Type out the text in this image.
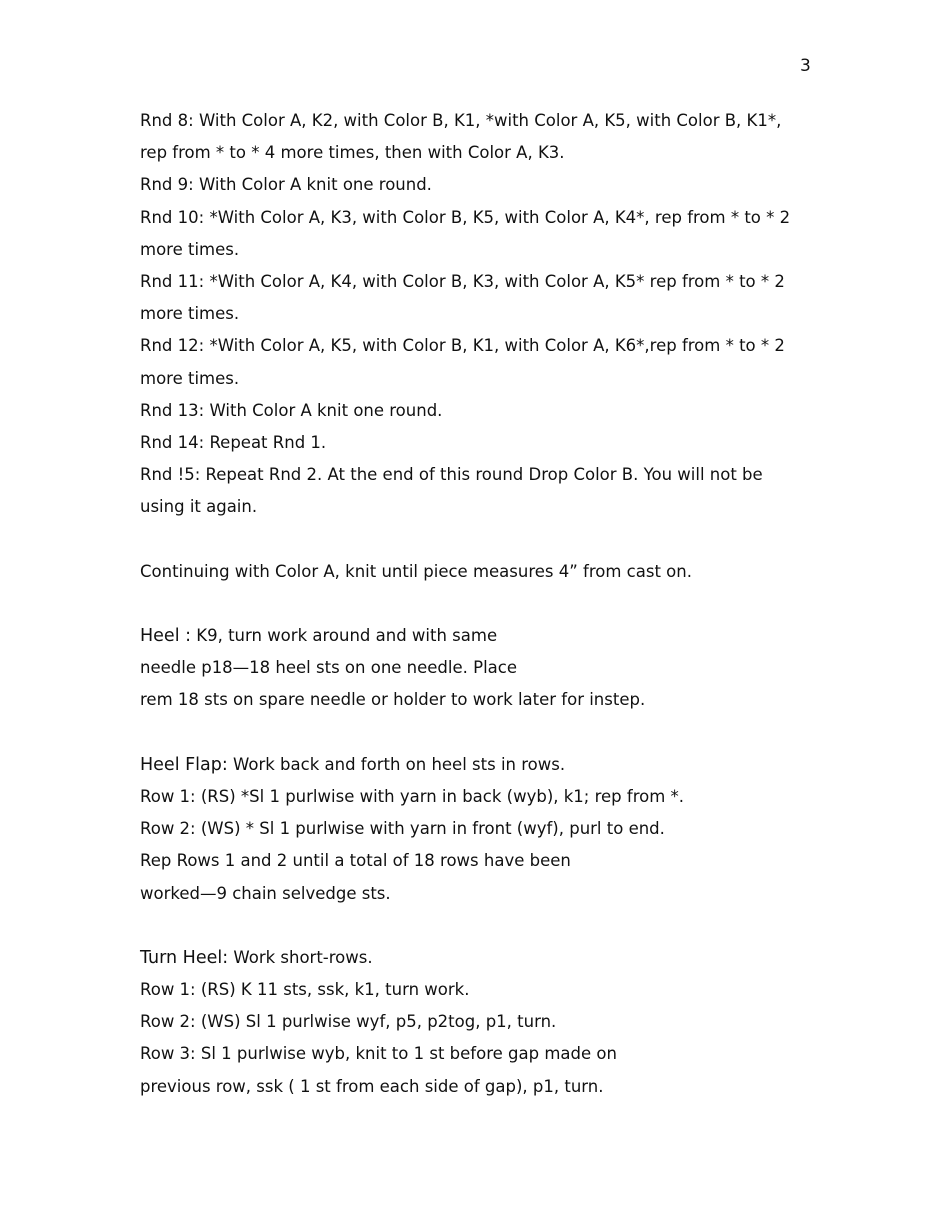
3
Rnd 8: With Color A, K2, with Color B, K1, *with Color A, K5, with Color B, K1*,
rep from * to * 4 more times, then with Color A, K3.
Rnd 9: With Color A knit one round.
Rnd 10: *With Color A, K3, with Color B, K5, with Color A, K4*, rep from * to * 2
more times.
Rnd 11: *With Color A, K4, with Color B, K3, with Color A, K5* rep from * to * 2
more times.
Rnd 12: *With Color A, K5, with Color B, K1, with Color A, K6*,rep from * to * 2
more times.
Rnd 13: With Color A knit one round.
Rnd 14: Repeat Rnd 1.
Rnd !5: Repeat Rnd 2. At the end of this round Drop Color B. You will not be
using it again.
Continuing with Color A, knit until piece measures 4” from cast on.
Heel : K9, turn work around and with same
needle p18—18 heel sts on one needle. Place
rem 18 sts on spare needle or holder to work later for instep.
Heel Flap: Work back and forth on heel sts in rows.
Row 1: (RS) *Sl 1 purlwise with yarn in back (wyb), k1; rep from *.
Row 2: (WS) * Sl 1 purlwise with yarn in front (wyf), purl to end.
Rep Rows 1 and 2 until a total of 18 rows have been
worked—9 chain selvedge sts.
Turn Heel: Work short-rows.
Row 1: (RS) K 11 sts, ssk, k1, turn work.
Row 2: (WS) Sl 1 purlwise wyf, p5, p2tog, p1, turn.
Row 3: Sl 1 purlwise wyb, knit to 1 st before gap made on
previous row, ssk ( 1 st from each side of gap), p1, turn.
